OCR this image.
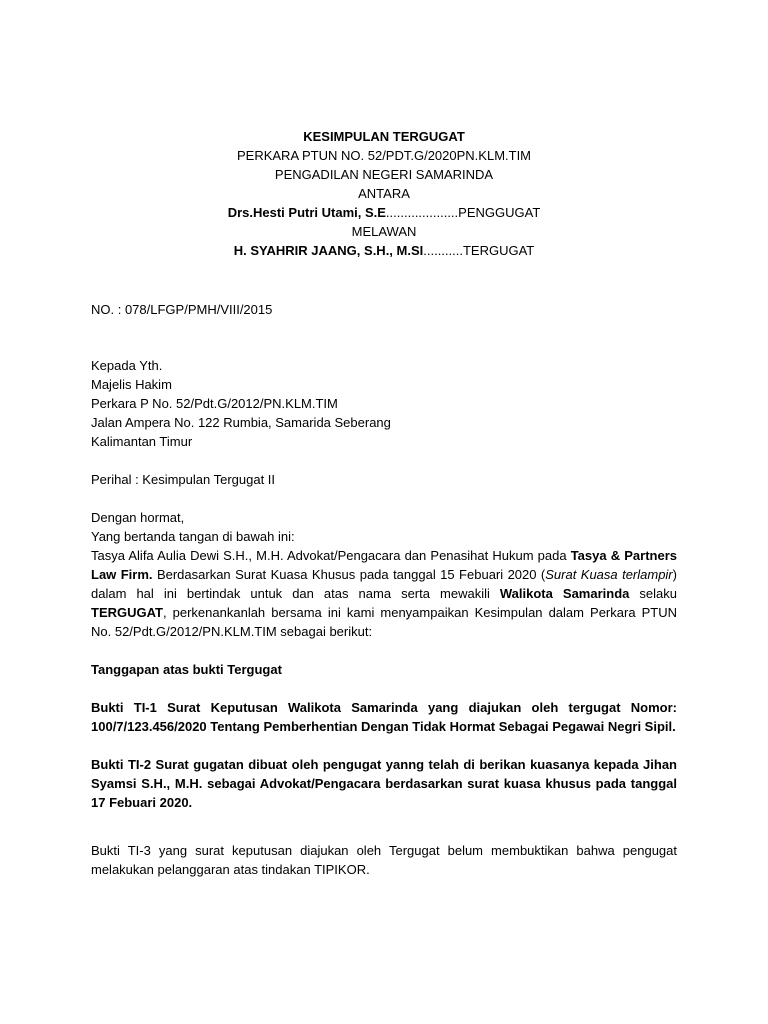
KESIMPULAN TERGUGAT

PERKARA PTUN NO. 52/PDT.G/2020PN.KLM.TIM

PENGADILAN NEGERI SAMARINDA

ANTARA

Drs.Hesti Putri Utami, S.E....................PENGGUGAT

MELAWAN

H. SYAHRIR JAANG, S.H., M.SI...........TERGUGAT

NO. : 078/LFGP/PMH/VIII/2015

Kepada Yth.

Majelis Hakim

Perkara P No. 52/Pdt.G/2012/PN.KLM.TIM

Jalan Ampera No. 122 Rumbia, Samarida Seberang

Kalimantan Timur

Perihal : Kesimpulan Tergugat II

Dengan hormat,

Yang bertanda tangan di bawah ini:

Tasya Alifa Aulia Dewi S.H., M.H. Advokat/Pengacara dan Penasihat Hukum pada Tasya & Partners Law Firm. Berdasarkan Surat Kuasa Khusus pada tanggal 15 Febuari 2020 (Surat Kuasa terlampir) dalam hal ini bertindak untuk dan atas nama serta mewakili Walikota Samarinda selaku TERGUGAT, perkenankanlah bersama ini kami menyampaikan Kesimpulan dalam Perkara PTUN No. 52/Pdt.G/2012/PN.KLM.TIM sebagai berikut:

Tanggapan atas bukti Tergugat

Bukti TI-1 Surat Keputusan Walikota Samarinda yang diajukan oleh tergugat Nomor: 100/7/123.456/2020 Tentang Pemberhentian Dengan Tidak Hormat Sebagai Pegawai Negri Sipil.

Bukti TI-2 Surat gugatan dibuat oleh pengugat yanng telah di berikan kuasanya kepada Jihan Syamsi S.H., M.H. sebagai Advokat/Pengacara berdasarkan surat kuasa khusus pada tanggal 17 Febuari 2020.

Bukti TI-3 yang surat keputusan diajukan oleh Tergugat belum membuktikan bahwa pengugat melakukan pelanggaran atas tindakan TIPIKOR.
